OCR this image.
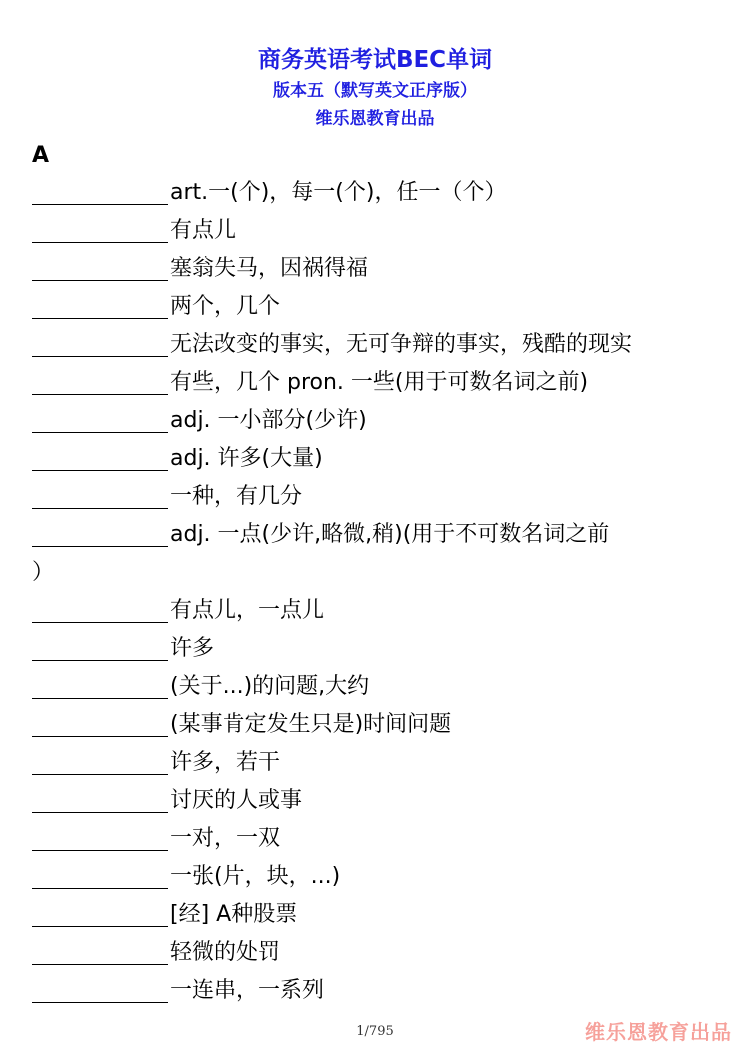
商务英语考试BEC单词
版本五（默写英文正序版）
维乐恩教育出品
A
art.一(个)，每一(个)，任一（个）
有点儿
塞翁失马，因祸得福
两个，几个
无法改变的事实，无可争辩的事实，残酷的现实
有些，几个 pron. 一些(用于可数名词之前)
adj. 一小部分(少许)
adj. 许多(大量)
一种，有几分
adj. 一点(少许,略微,稍)(用于不可数名词之前
）
有点儿，一点儿
许多
(关于...)的问题,大约
(某事肯定发生只是)时间问题
许多，若干
讨厌的人或事
一对，一双
一张(片，块，...)
[经] A种股票
轻微的处罚
一连串，一系列
1/795	维乐恩教育出品
